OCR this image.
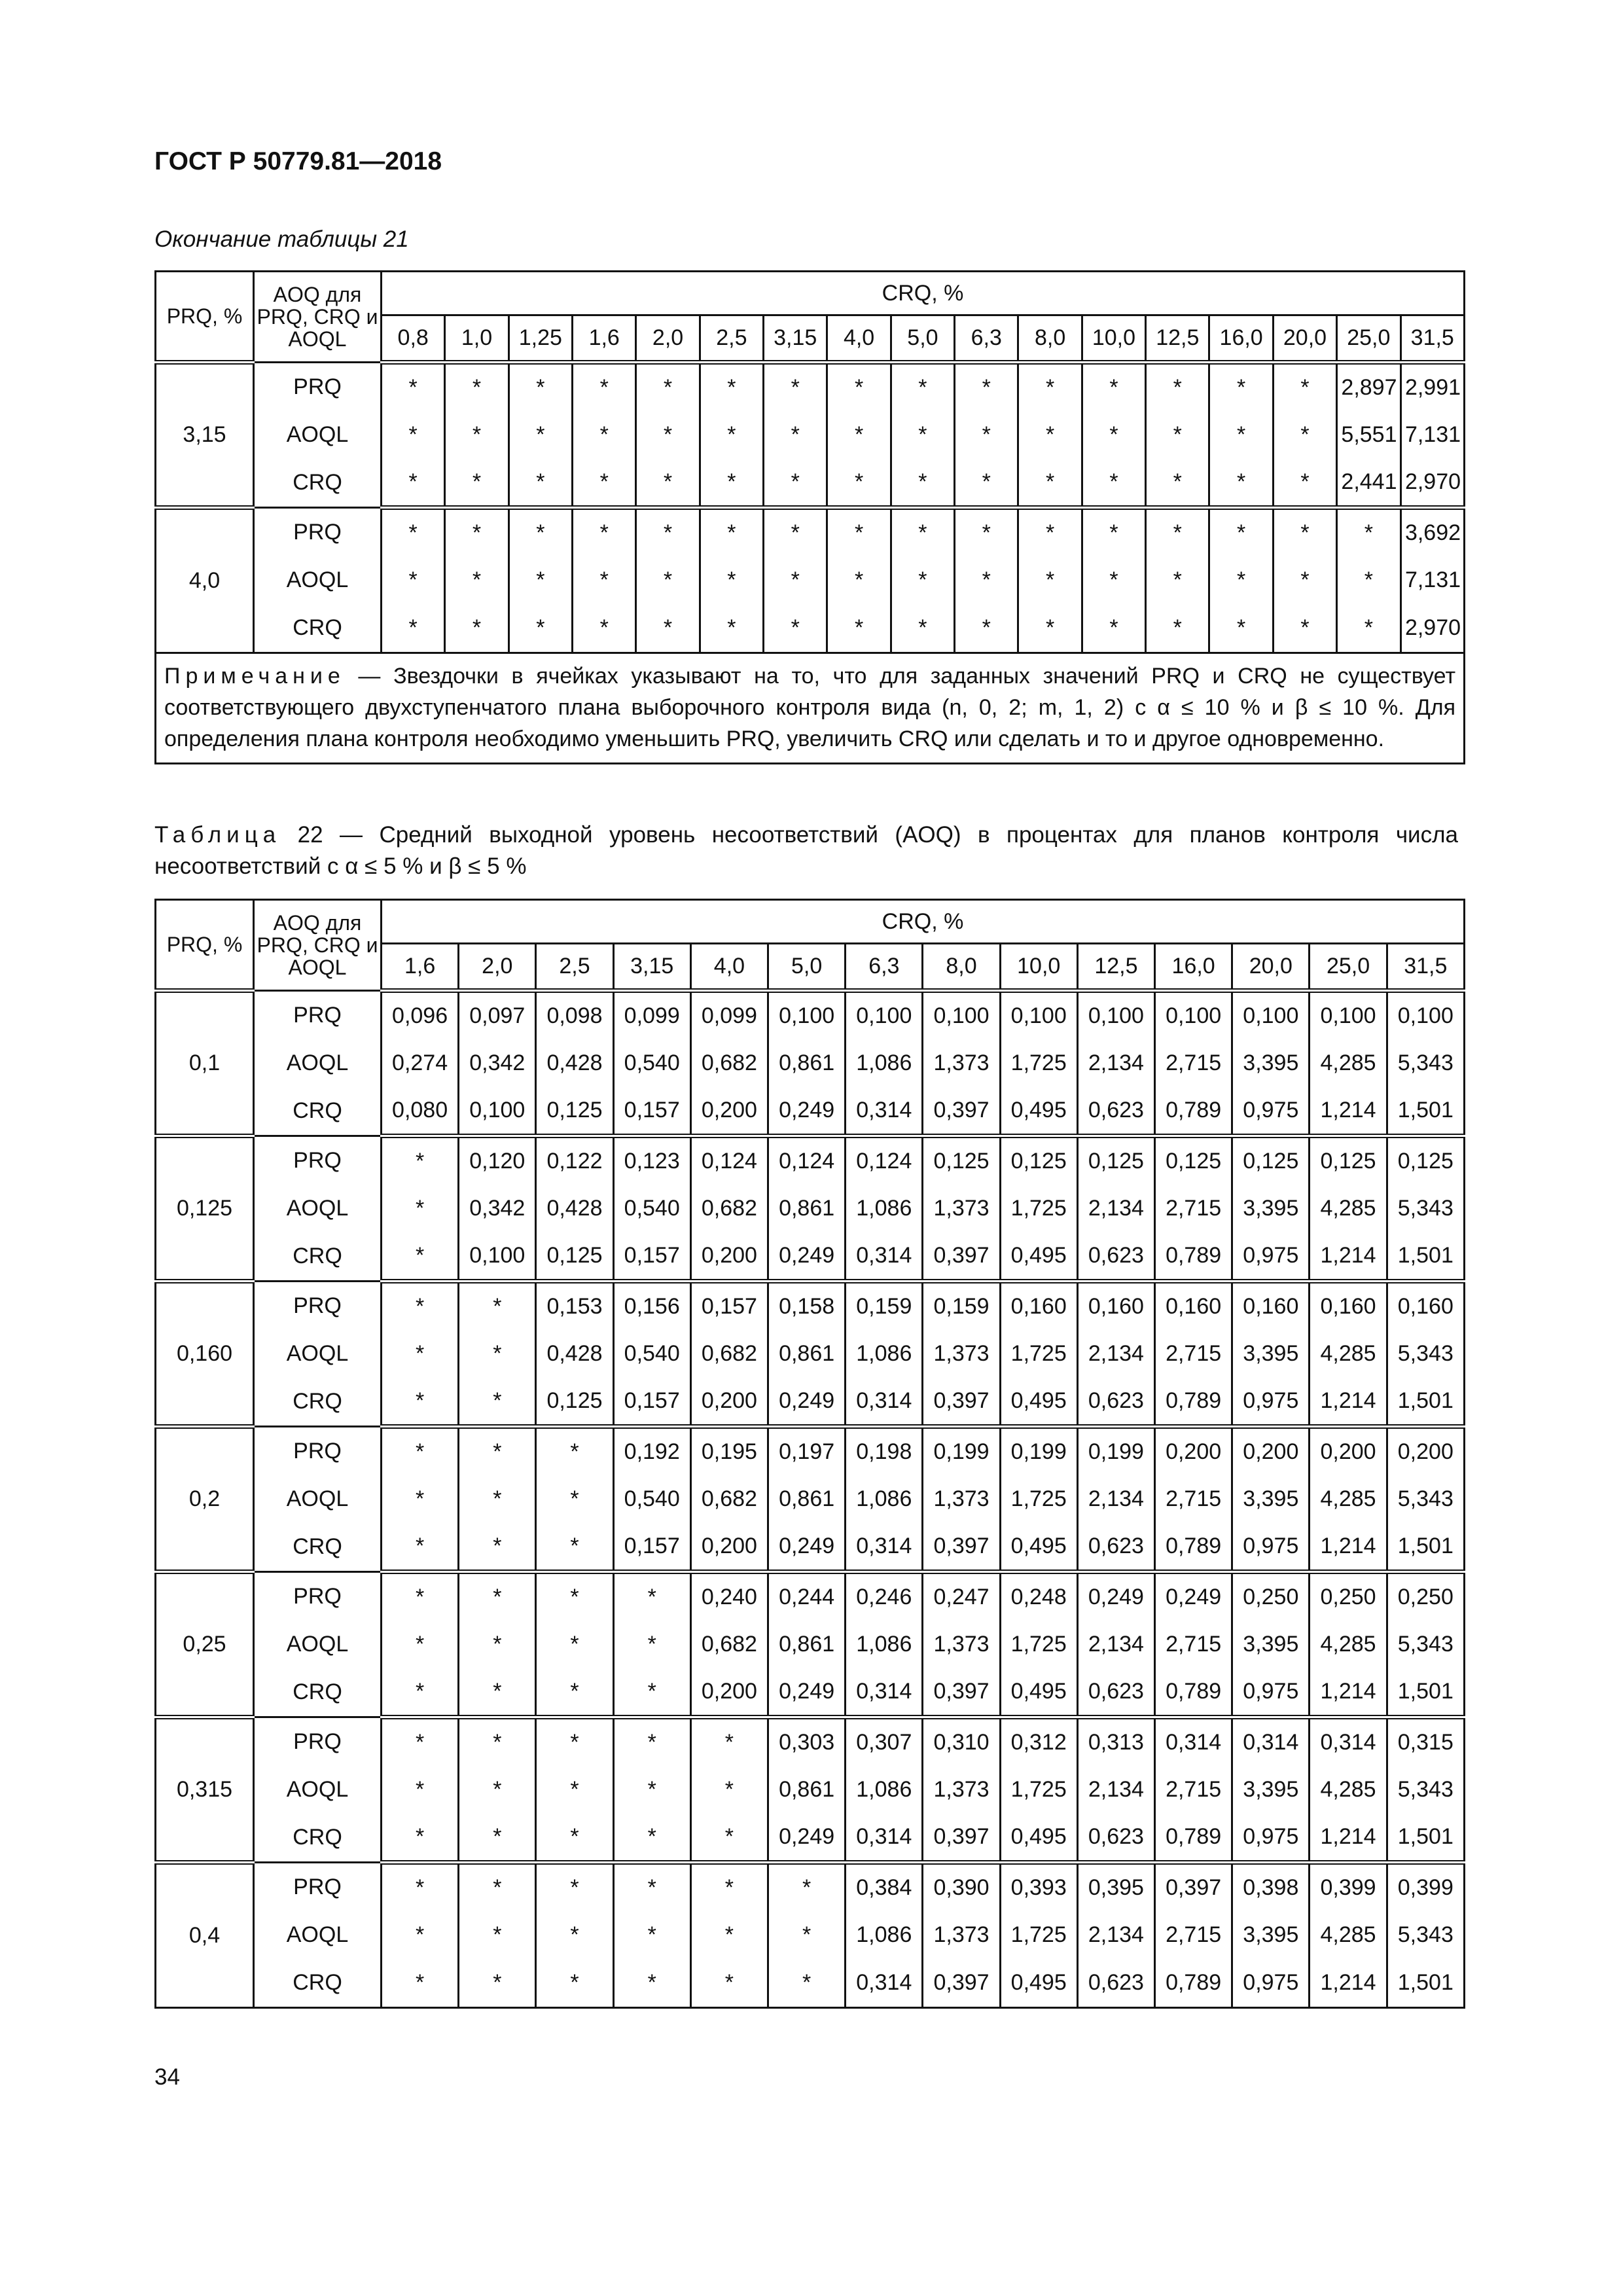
ГОСТ Р 50779.81—2018
Окончание таблицы 21
PRQ, %	AOQ для PRQ, CRQ и AOQL	CRQ, %																
		0,8	1,0	1,25	1,6	2,0	2,5	3,15	4,0	5,0	6,3	8,0	10,0	12,5	16,0	20,0	25,0	31,5
3,15	PRQ	*	*	*	*	*	*	*	*	*	*	*	*	*	*	*	2,897	2,991
	AOQL	*	*	*	*	*	*	*	*	*	*	*	*	*	*	*	5,551	7,131
	CRQ	*	*	*	*	*	*	*	*	*	*	*	*	*	*	*	2,441	2,970
4,0	PRQ	*	*	*	*	*	*	*	*	*	*	*	*	*	*	*	*	3,692
	AOQL	*	*	*	*	*	*	*	*	*	*	*	*	*	*	*	*	7,131
	CRQ	*	*	*	*	*	*	*	*	*	*	*	*	*	*	*	*	2,970
Примечание — Звездочки в ячейках указывают на то, что для заданных значений PRQ и CRQ не существует соответствующего двухступенчатого плана выборочного контроля вида (n, 0, 2; m, 1, 2) с α ≤ 10 % и β ≤ 10 %. Для определения плана контроля необходимо уменьшить PRQ, увеличить CRQ или сделать и то и другое одновременно.																		
Таблица 22 — Средний выходной уровень несоответствий (AOQ) в процентах для планов контроля числа несоответствий с α ≤ 5 % и β ≤ 5 %
PRQ, %	AOQ для PRQ, CRQ и AOQL	CRQ, %													
		1,6	2,0	2,5	3,15	4,0	5,0	6,3	8,0	10,0	12,5	16,0	20,0	25,0	31,5
0,1	PRQ	0,096	0,097	0,098	0,099	0,099	0,100	0,100	0,100	0,100	0,100	0,100	0,100	0,100	0,100
	AOQL	0,274	0,342	0,428	0,540	0,682	0,861	1,086	1,373	1,725	2,134	2,715	3,395	4,285	5,343
	CRQ	0,080	0,100	0,125	0,157	0,200	0,249	0,314	0,397	0,495	0,623	0,789	0,975	1,214	1,501
0,125	PRQ	*	0,120	0,122	0,123	0,124	0,124	0,124	0,125	0,125	0,125	0,125	0,125	0,125	0,125
	AOQL	*	0,342	0,428	0,540	0,682	0,861	1,086	1,373	1,725	2,134	2,715	3,395	4,285	5,343
	CRQ	*	0,100	0,125	0,157	0,200	0,249	0,314	0,397	0,495	0,623	0,789	0,975	1,214	1,501
0,160	PRQ	*	*	0,153	0,156	0,157	0,158	0,159	0,159	0,160	0,160	0,160	0,160	0,160	0,160
	AOQL	*	*	0,428	0,540	0,682	0,861	1,086	1,373	1,725	2,134	2,715	3,395	4,285	5,343
	CRQ	*	*	0,125	0,157	0,200	0,249	0,314	0,397	0,495	0,623	0,789	0,975	1,214	1,501
0,2	PRQ	*	*	*	0,192	0,195	0,197	0,198	0,199	0,199	0,199	0,200	0,200	0,200	0,200
	AOQL	*	*	*	0,540	0,682	0,861	1,086	1,373	1,725	2,134	2,715	3,395	4,285	5,343
	CRQ	*	*	*	0,157	0,200	0,249	0,314	0,397	0,495	0,623	0,789	0,975	1,214	1,501
0,25	PRQ	*	*	*	*	0,240	0,244	0,246	0,247	0,248	0,249	0,249	0,250	0,250	0,250
	AOQL	*	*	*	*	0,682	0,861	1,086	1,373	1,725	2,134	2,715	3,395	4,285	5,343
	CRQ	*	*	*	*	0,200	0,249	0,314	0,397	0,495	0,623	0,789	0,975	1,214	1,501
0,315	PRQ	*	*	*	*	*	0,303	0,307	0,310	0,312	0,313	0,314	0,314	0,314	0,315
	AOQL	*	*	*	*	*	0,861	1,086	1,373	1,725	2,134	2,715	3,395	4,285	5,343
	CRQ	*	*	*	*	*	0,249	0,314	0,397	0,495	0,623	0,789	0,975	1,214	1,501
0,4	PRQ	*	*	*	*	*	*	0,384	0,390	0,393	0,395	0,397	0,398	0,399	0,399
	AOQL	*	*	*	*	*	*	1,086	1,373	1,725	2,134	2,715	3,395	4,285	5,343
	CRQ	*	*	*	*	*	*	0,314	0,397	0,495	0,623	0,789	0,975	1,214	1,501
34
